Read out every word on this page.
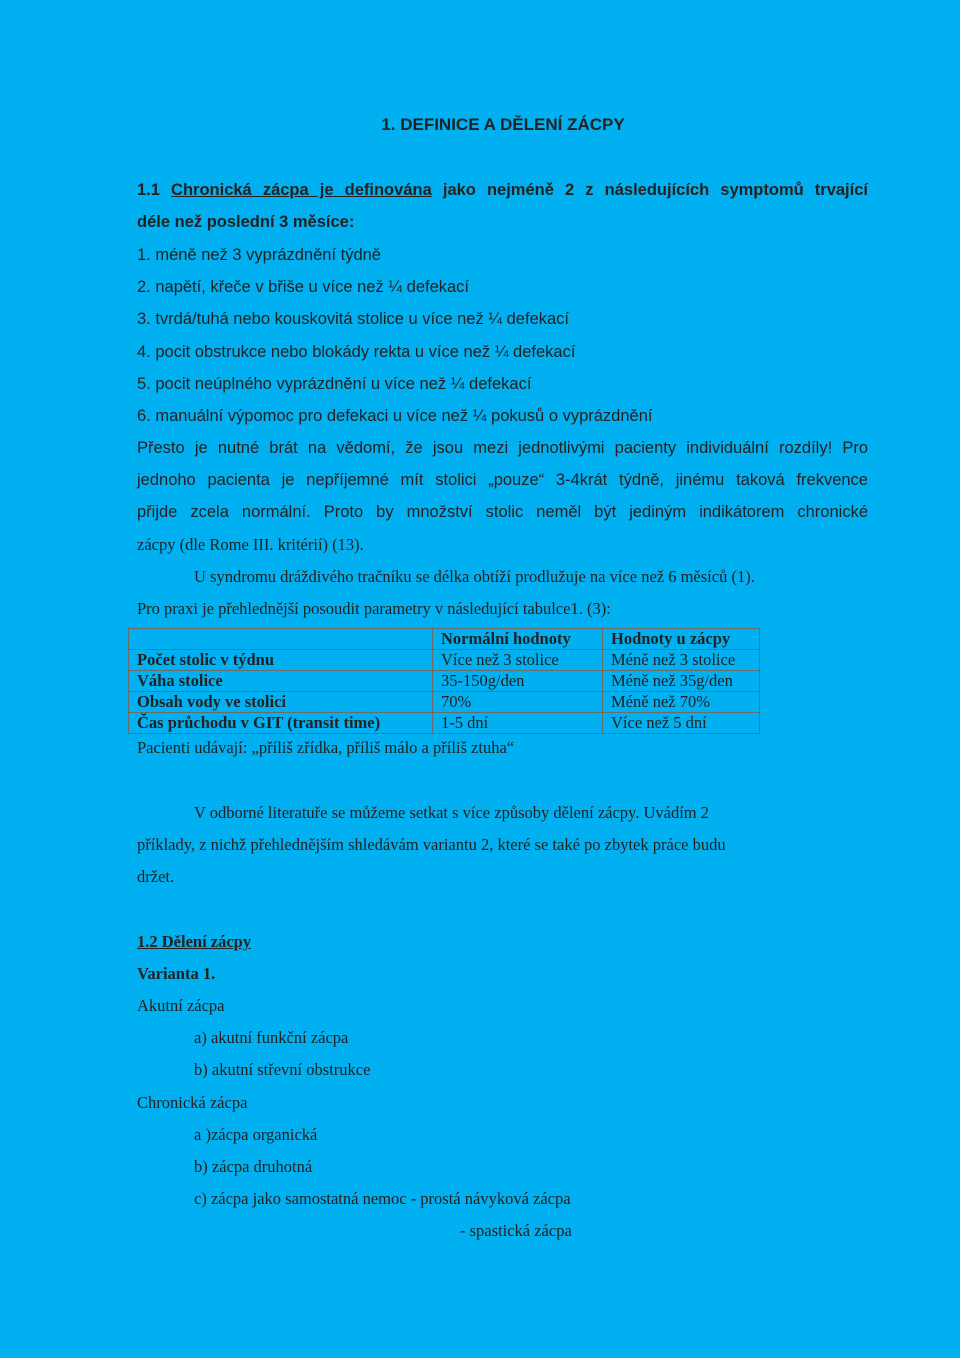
1. DEFINICE A DĚLENÍ ZÁCPY
1.1 Chronická zácpa je definována jako nejméně 2 z následujících symptomů trvající
déle než poslední 3 měsíce:
1. méně než 3 vyprázdnění týdně
2. napětí, křeče v břiše u více než ¼ defekací
3. tvrdá/tuhá nebo kouskovitá stolice u více než ¼ defekací
4. pocit obstrukce nebo blokády rekta u více než ¼ defekací
5. pocit neúplného vyprázdnění u více než ¼ defekací
6. manuální výpomoc pro defekaci u více než ¼ pokusů o vyprázdnění
Přesto je nutné brát na vědomí, že jsou mezi jednotlivými pacienty individuální rozdíly! Pro
jednoho pacienta je nepříjemné mít stolici „pouze“ 3-4krát týdně, jinému taková frekvence
přijde zcela normální. Proto by množství stolic neměl být jediným indikátorem chronické
zácpy (dle Rome III. kritérií) (13).
U syndromu dráždivého tračníku se délka obtíží prodlužuje na více než 6 měsíců (1).
Pro praxi je přehlednější posoudit parametry v následující tabulce1. (3):
	Normální hodnoty	Hodnoty u zácpy
Počet stolic v týdnu	Více než 3 stolice	Méně než 3 stolice
Váha stolice	35-150g/den	Méně než 35g/den
Obsah vody ve stolici	70%	Méně než 70%
Čas průchodu v GIT (transit time)	1-5 dní	Více než 5 dní
Pacienti udávají: „příliš zřídka, příliš málo a příliš ztuha“
V odborné literatuře se můžeme setkat s více způsoby dělení zácpy. Uvádím 2
příklady, z nichž přehlednějším shledávám variantu 2, které se také po zbytek práce budu
držet.
1.2 Dělení zácpy
Varianta 1.
Akutní zácpa
a) akutní funkční zácpa
b) akutní střevní obstrukce
Chronická zácpa
a )zácpa organická
b) zácpa druhotná
c) zácpa jako samostatná nemoc - prostá návyková zácpa
- spastická zácpa
